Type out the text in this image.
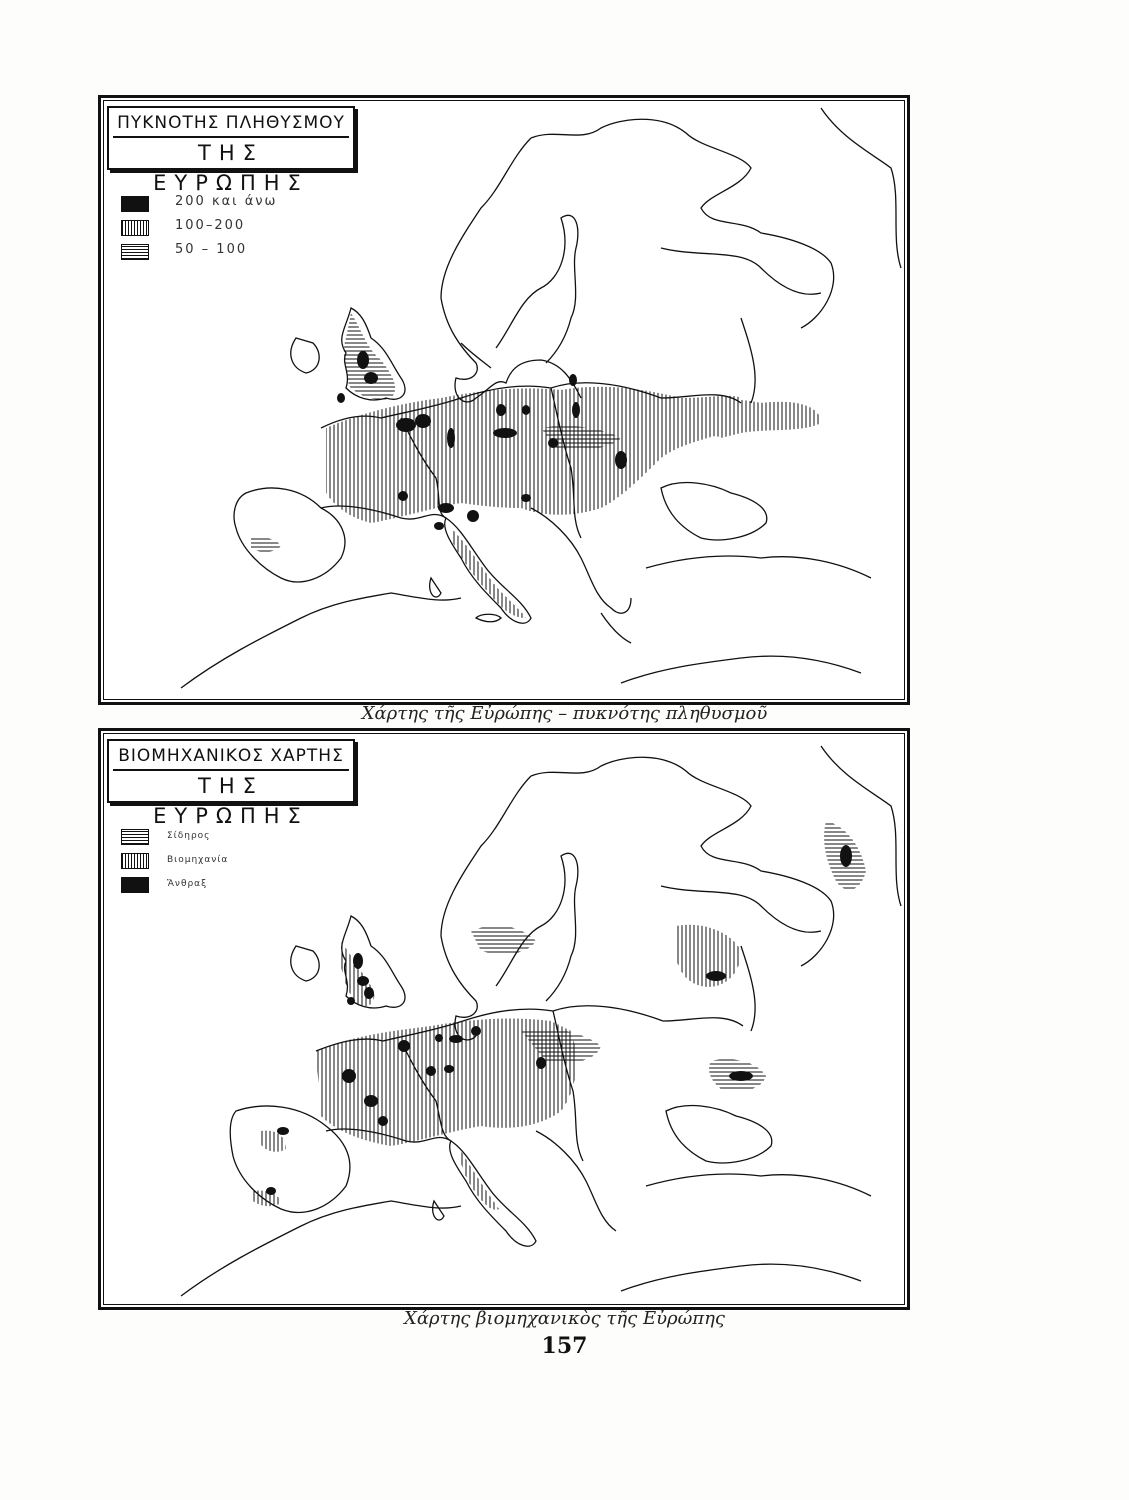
ΠΥΚΝΟΤΗΣ ΠΛΗΘΥΣΜΟΥ
ΤΗΣ ΕΥΡΩΠΗΣ
200 και άνω
100–200
50 – 100
Χάρτης τῆς Εὐρώπης – πυκνότης πληθυσμοῦ
ΒΙΟΜΗΧΑΝΙΚΟΣ ΧΑΡΤΗΣ
ΤΗΣ ΕΥΡΩΠΗΣ
Σίδηρος
Βιομηχανία
Ἄνθραξ
Χάρτης βιομηχανικὸς τῆς Εὐρώπης
157
